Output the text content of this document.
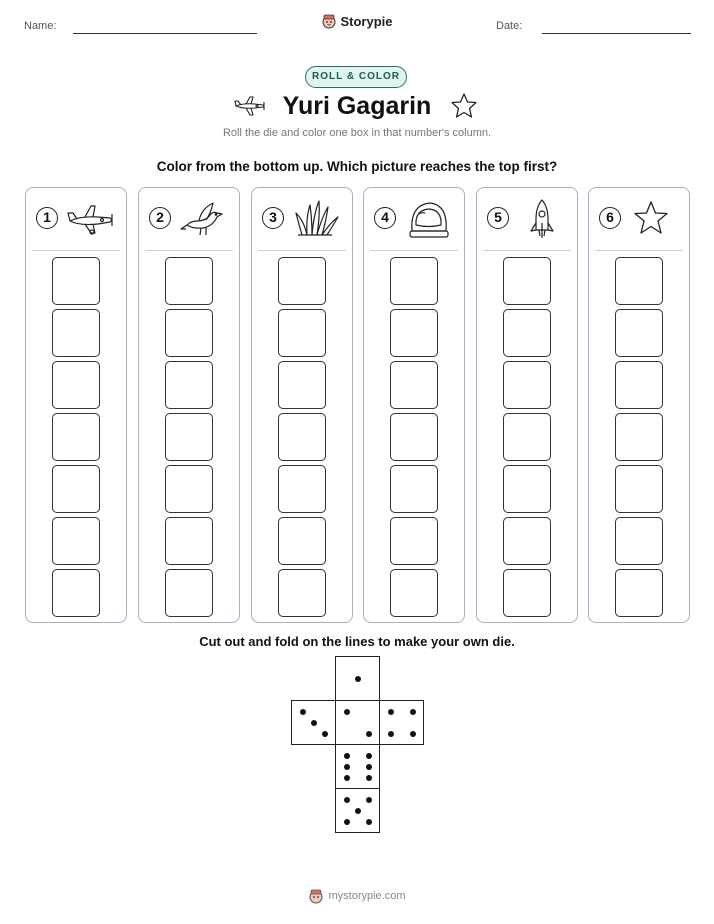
Name:	Storypie	Date:
ROLL & COLOR
Yuri Gagarin
Roll the die and color one box in that number's column.
Color from the bottom up. Which picture reaches the top first?
1	2	3	4	5	6
Cut out and fold on the lines to make your own die.
mystorypie.com
